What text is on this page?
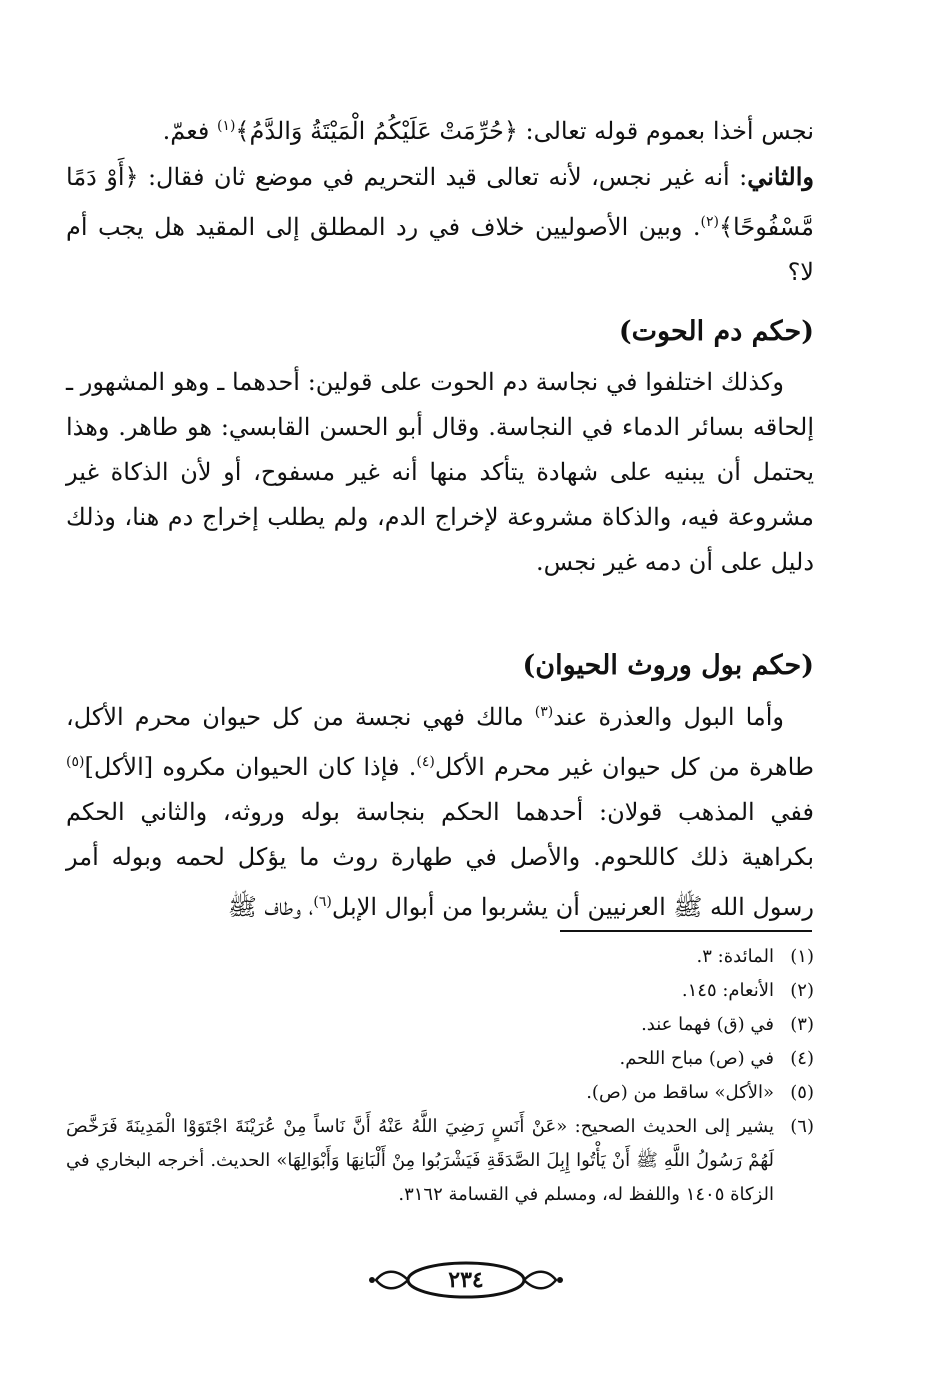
نجس أخذا بعموم قوله تعالى: ﴿حُرِّمَتْ عَلَيْكُمُ الْمَيْتَةُ وَالدَّمُ﴾$^{(١)}$ فعمّ.

والثاني: أنه غير نجس، لأنه تعالى قيد التحريم في موضع ثان فقال: ﴿أَوْ دَمًا مَّسْفُوحًا﴾$^{(٢)}$. وبين الأصوليين خلاف في رد المطلق إلى المقيد هل يجب أم لا؟

(حكم دم الحوت)
وكذلك اختلفوا في نجاسة دم الحوت على قولين: أحدهما ـ وهو المشهور ـ إلحاقه بسائر الدماء في النجاسة. وقال أبو الحسن القابسي: هو طاهر. وهذا يحتمل أن يبنيه على شهادة يتأكد منها أنه غير مسفوح، أو لأن الذكاة غير مشروعة فيه، والذكاة مشروعة لإخراج الدم، ولم يطلب إخراج دم هنا، وذلك دليل على أن دمه غير نجس.
(حكم بول وروث الحيوان)
وأما البول والعذرة عند$^{(٣)}$ مالك فهي نجسة من كل حيوان محرم الأكل، طاهرة من كل حيوان غير محرم الأكل$^{(٤)}$. فإذا كان الحيوان مكروه [الأكل]$^{(٥)}$ ففي المذهب قولان: أحدهما الحكم بنجاسة بوله وروثه، والثاني الحكم بكراهية ذلك كاللحوم. والأصل في طهارة روث ما يؤكل لحمه وبوله أمر رسول الله ﷺ العرنيين أن يشربوا من أبوال الإبل$^{(٦)}$، وطاف ﷺ
(١)
المائدة: ٣.
(٢)
الأنعام: ١٤٥.
(٣)
في (ق) فهما عند.
(٤)
في (ص) مباح اللحم.
(٥)
«الأكل» ساقط من (ص).
(٦)
يشير إلى الحديث الصحيح: «عَنْ أَنَسٍ رَضِيَ اللَّهُ عَنْهُ أَنَّ نَاساً مِنْ عُرَيْنَةَ اجْتَوَوْا الْمَدِينَةَ فَرَخَّصَ لَهُمْ رَسُولُ اللَّهِ ﷺ أَنْ يَأْتُوا إِبِلَ الصَّدَقَةِ فَيَشْرَبُوا مِنْ أَلْبَانِهَا وَأَبْوَالِهَا» الحديث. أخرجه البخاري في الزكاة ١٤٠٥ واللفظ له، ومسلم في القسامة ٣١٦٢.
٢٣٤
